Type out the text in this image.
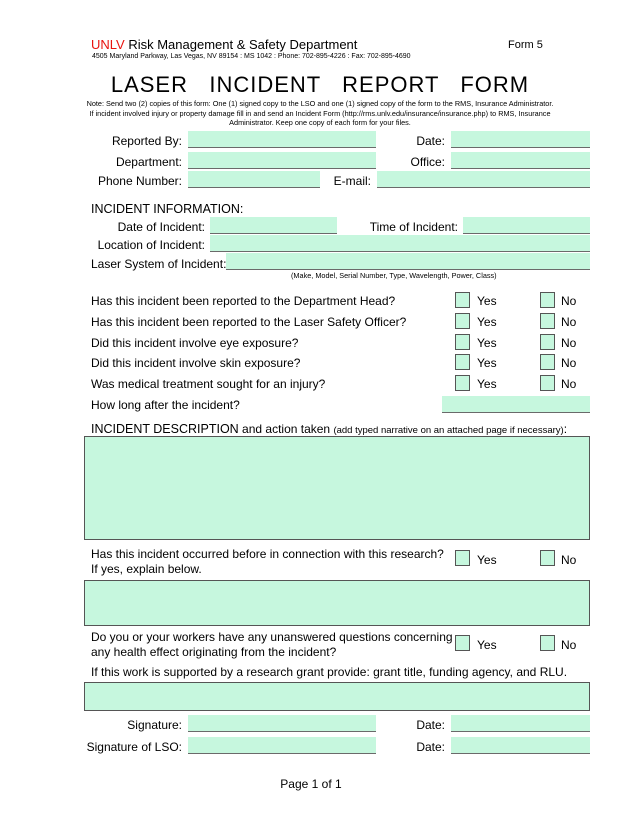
UNLV Risk Management & Safety Department	Form 5
4505 Maryland Parkway, Las Vegas, NV 89154 : MS 1042 : Phone: 702-895-4226 : Fax: 702-895-4690
LASER   INCIDENT   REPORT   FORM
Note: Send two (2) copies of this form: One (1) signed copy to the LSO and one (1) signed copy of the form to the RMS, Insurance Administrator.
If incident involved injury or property damage fill in and send an Incident Form (http://rms.unlv.edu/insurance/insurance.php) to RMS, Insurance
Administrator. Keep one copy of each form for your files.
Reported By:	Date:
Department:	Office:
Phone Number:	E-mail:
INCIDENT INFORMATION:
Date of Incident:	Time of Incident:
Location of Incident:
Laser System of Incident:
(Make, Model, Serial Number, Type, Wavelength, Power, Class)
Has this incident been reported to the Department Head?	Yes	No
Has this incident been reported to the Laser Safety Officer?	Yes	No
Did this incident involve eye exposure?	Yes	No
Did this incident involve skin exposure?	Yes	No
Was medical treatment sought for an injury?	Yes	No
How long after the incident?
INCIDENT DESCRIPTION and action taken (add typed narrative on an attached page if necessary):
Has this incident occurred before in connection with this research?
If yes, explain below.
Yes	No
Do you or your workers have any unanswered questions concerning
any health effect originating from the incident?	Yes	No
If this work is supported by a research grant provide: grant title, funding agency, and RLU.
Signature:	Date:
Signature of LSO:	Date:
Page 1 of 1
